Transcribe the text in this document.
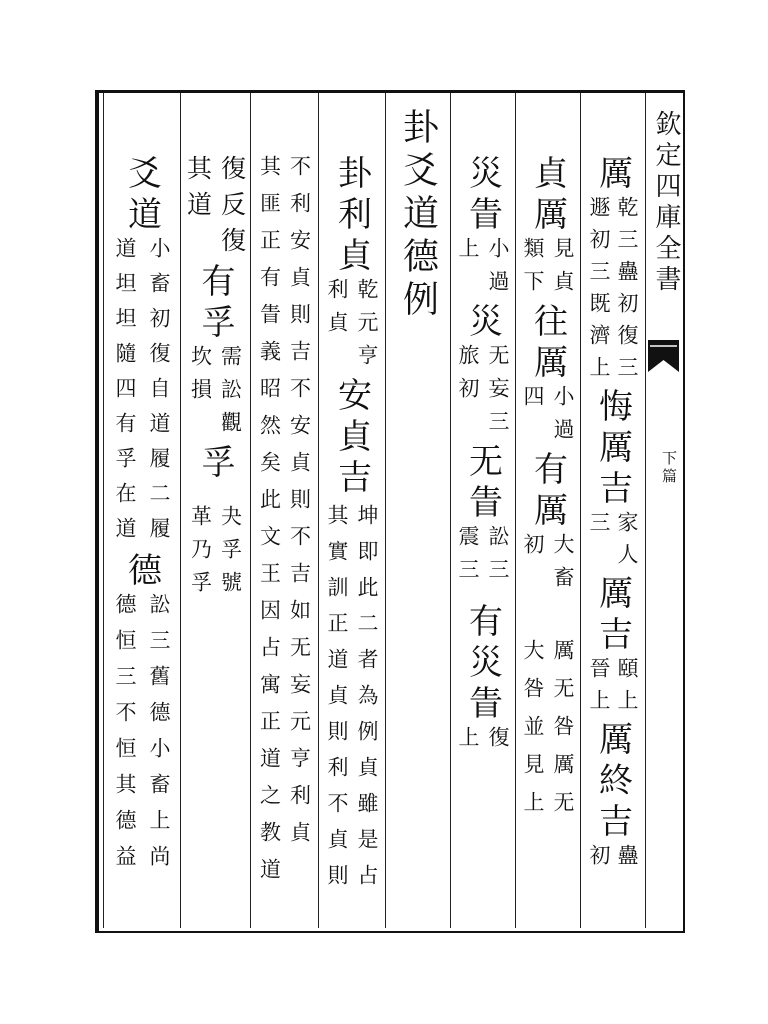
欽定四庫全書
下篇
厲
乾三蠱初復三
遯初三既濟上
悔厲吉
家人
三
厲吉
頤上
晉上
厲終吉
蠱
初
貞厲
見貞
類下
往厲
小過
四
有厲
大畜
初
厲无咎厲无
大咎並見上
災眚
小過
上
災
无妄三
旅初
无眚
訟三
震三
有災眚
復
上
卦爻道德例
卦利貞
乾元亨
利貞
安貞吉
坤即此二者為例貞雖是占
其實訓正道貞則利不貞則
不利安貞則吉不安貞則不吉如无妄元亨利貞
其匪正有眚義昭然矣此文王因占寓正道之教道
復反復
其道
有孚
需訟觀
坎損
孚
夬孚號
革乃孚
爻道
小畜初復自道履二履
道坦坦隨四有孚在道
德
訟三舊德小畜上尚
德恒三不恒其德益
